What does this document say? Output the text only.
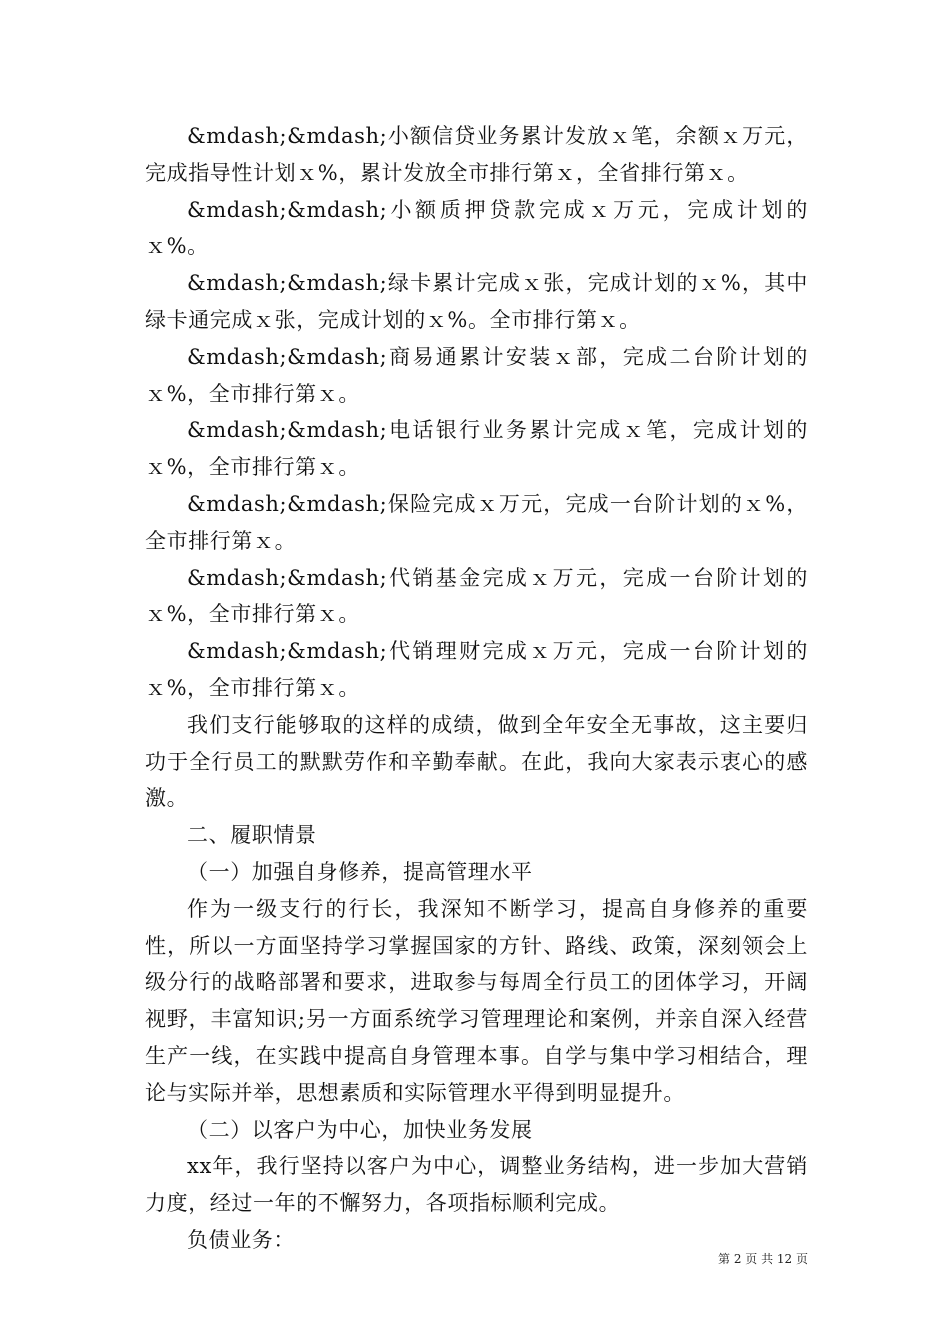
&mdash;&mdash;小额信贷业务累计发放ｘ笔，余额ｘ万元，完成指导性计划ｘ%，累计发放全市排行第ｘ，全省排行第ｘ。

&mdash;&mdash;小额质押贷款完成ｘ万元，完成计划的ｘ%。

&mdash;&mdash;绿卡累计完成ｘ张，完成计划的ｘ%，其中绿卡通完成ｘ张，完成计划的ｘ%。全市排行第ｘ。

&mdash;&mdash;商易通累计安装ｘ部，完成二台阶计划的ｘ%，全市排行第ｘ。

&mdash;&mdash;电话银行业务累计完成ｘ笔，完成计划的ｘ%，全市排行第ｘ。

&mdash;&mdash;保险完成ｘ万元，完成一台阶计划的ｘ%，全市排行第ｘ。

&mdash;&mdash;代销基金完成ｘ万元，完成一台阶计划的ｘ%，全市排行第ｘ。

&mdash;&mdash;代销理财完成ｘ万元，完成一台阶计划的ｘ%，全市排行第ｘ。

我们支行能够取的这样的成绩，做到全年安全无事故，这主要归功于全行员工的默默劳作和辛勤奉献。在此，我向大家表示衷心的感激。

二、履职情景

（一）加强自身修养，提高管理水平

作为一级支行的行长，我深知不断学习，提高自身修养的重要性，所以一方面坚持学习掌握国家的方针、路线、政策，深刻领会上级分行的战略部署和要求，进取参与每周全行员工的团体学习，开阔视野，丰富知识;另一方面系统学习管理理论和案例，并亲自深入经营生产一线，在实践中提高自身管理本事。自学与集中学习相结合，理论与实际并举，思想素质和实际管理水平得到明显提升。

（二）以客户为中心，加快业务发展

xx年，我行坚持以客户为中心，调整业务结构，进一步加大营销力度，经过一年的不懈努力，各项指标顺利完成。

负债业务：

第 2 页 共 12 页
